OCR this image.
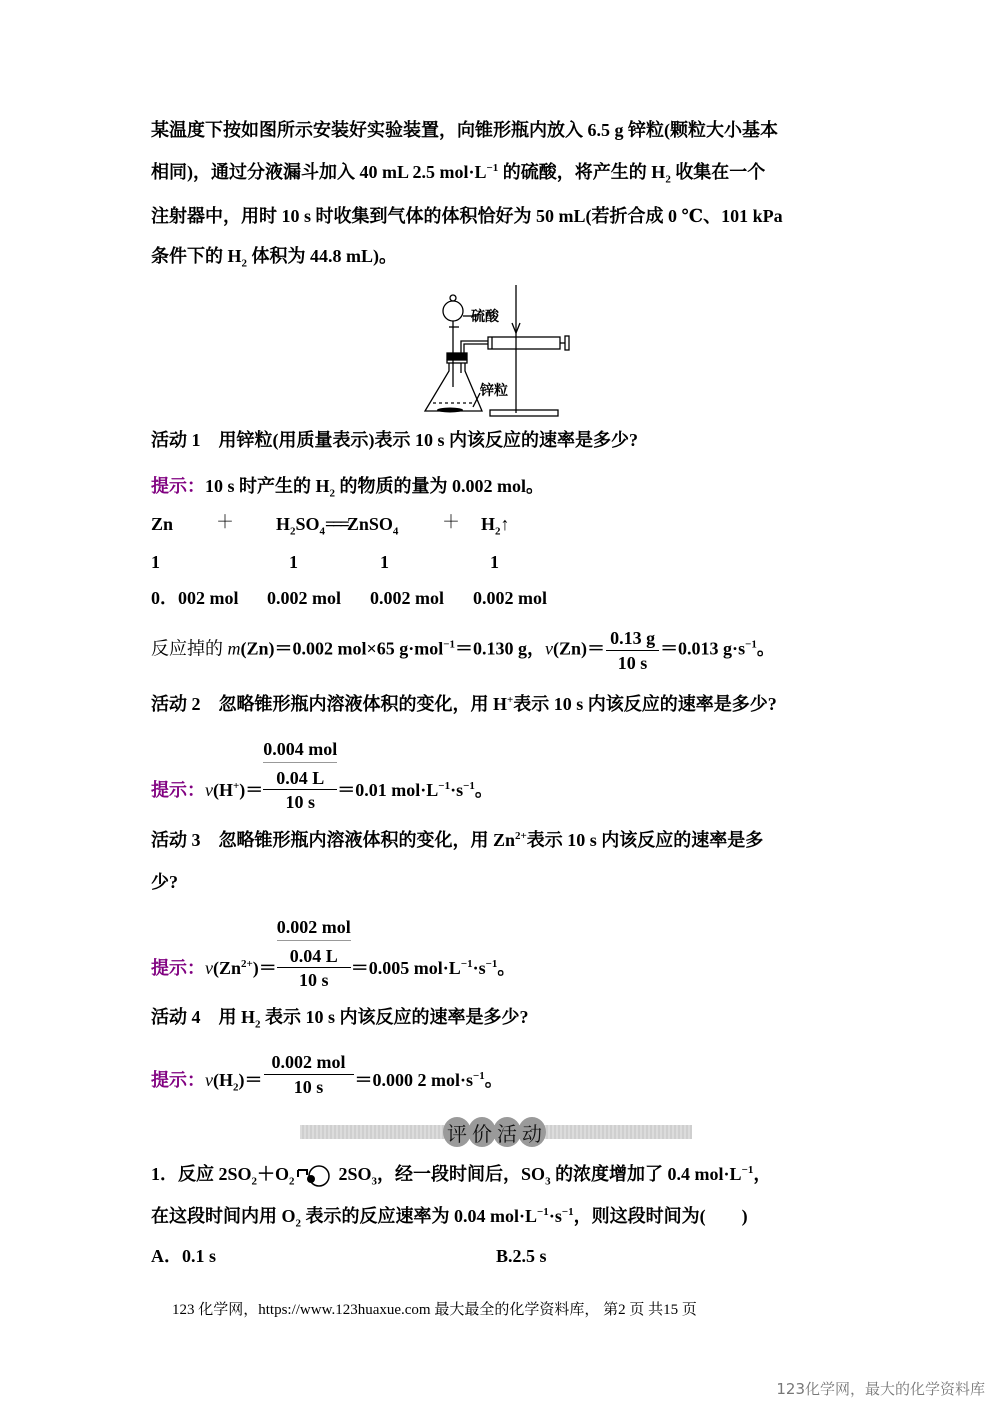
某温度下按如图所示安装好实验装置，向锥形瓶内放入 6.5 g 锌粒(颗粒大小基本
相同)，通过分液漏斗加入 40 mL 2.5 $mol\cdot L^{-1}$ 的硫酸，将产生的 $H_2$ 收集在一个
注射器中，用时 10 s 时收集到气体的体积恰好为 50 mL(若折合成 0 ℃、101 kPa
条件下的 $H_2$ 体积为 44.8 mL)。
硫酸
锌粒
活动 1　用锌粒(用质量表示)表示 10 s 内该反应的速率是多少?
提示：10 s 时产生的 $H_2$ 的物质的量为 0.002 mol。
$Zn + H_2SO_4===ZnSO_4$ ＋ $H_2↑$
1	1	1	1
0．002 mol 0.002 mol 0.002 mol 0.002 mol
反应掉的 m(Zn)＝0.002 mol×65 g·mol$^{-1}$＝0.130 g，$v(Zn)= \frac{0.13 g}{10 s} =0.013$ $g\cdot s^{-1}$。
活动 2　忽略锥形瓶内溶液体积的变化，用 H+表示 10 s 内该反应的速率是多少?
提示：v(H+)＝
0.004 mol
0.04 L
10 s
＝0.01 $mol\cdot L^{-1}\cdot s^{-1}$。
活动 3　忽略锥形瓶内溶液体积的变化，用 $Zn^{2+}$表示 10 s 内该反应的速率是多
少?
提示：$v(Zn^{2+})=$
0.002 mol
0.04 L
10 s
＝0.005 $mol\cdot L^{-1}\cdot s^{-1}$。
活动 4　用 $H_2$ 表示 10 s 内该反应的速率是多少?
提示：$v(H_2)= \frac{\text{0.002 mol}}{10 s} =0.000$ 2 $mol\cdot s^{-1}$。
评 价 活 动
1．反应 $2SO_2+O_2$ $2SO_3$，经一段时间后，$SO_3$ 的浓度增加了 0.4 $mol\cdot L^{-1}$，
在这段时间内用 $O_2$ 表示的反应速率为 0.04 $mol\cdot L^{-1}\cdot s^{-1}$，则这段时间为(　　)
A．0.1 s	B.2.5 s
123 化学网，https://www.123huaxue.com 最大最全的化学资料库， 第2 页 共15 页
123化学网，最大的化学资料库
